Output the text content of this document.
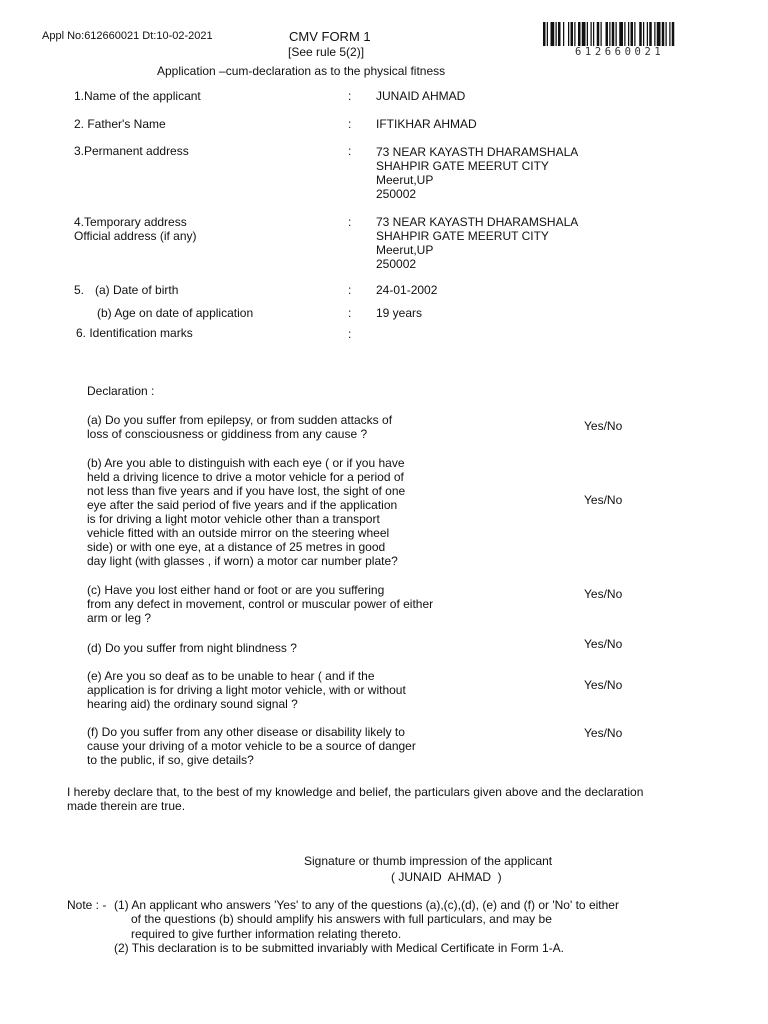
Appl No:612660021 Dt:10-02-2021	CMV FORM 1
[See rule 5(2)]
Application –cum-declaration as to the physical fitness
612660021
1.Name of the applicant	: JUNAID AHMAD
2. Father's Name	: IFTIKHAR AHMAD
3.Permanent address	: 73 NEAR KAYASTH DHARAMSHALA
SHAHPIR GATE MEERUT CITY
Meerut,UP
250002
4.Temporary address
Official address (if any)
: 73 NEAR KAYASTH DHARAMSHALA
SHAHPIR GATE MEERUT CITY
Meerut,UP
250002
5. (a) Date of birth	: 24-01-2002
(b) Age on date of application	: 19 years
6. Identification marks	:
Declaration :
(a) Do you suffer from epilepsy, or from sudden attacks of
loss of consciousness or giddiness from any cause ?
Yes/No
(b) Are you able to distinguish with each eye ( or if you have
held a driving licence to drive a motor vehicle for a period of
not less than five years and if you have lost, the sight of one
eye after the said period of five years and if the application
is for driving a light motor vehicle other than a transport
vehicle fitted with an outside mirror on the steering wheel
side) or with one eye, at a distance of 25 metres in good
day light (with glasses , if worn) a motor car number plate?
Yes/No
(c) Have you lost either hand or foot or are you suffering
from any defect in movement, control or muscular power of either
arm or leg ?
Yes/No
(d) Do you suffer from night blindness ?	Yes/No
(e) Are you so deaf as to be unable to hear ( and if the
application is for driving a light motor vehicle, with or without
hearing aid) the ordinary sound signal ?
Yes/No
(f) Do you suffer from any other disease or disability likely to
cause your driving of a motor vehicle to be a source of danger
to the public, if so, give details?
Yes/No
I hereby declare that, to the best of my knowledge and belief, the particulars given above and the declaration
made therein are true.
Signature or thumb impression of the applicant
( JUNAID  AHMAD  )
Note : - (1) An applicant who answers 'Yes' to any of the questions (a),(c),(d), (e) and (f) or 'No' to either
of the questions (b) should amplify his answers with full particulars, and may be
required to give further information relating thereto.
(2) This declaration is to be submitted invariably with Medical Certificate in Form 1-A.
